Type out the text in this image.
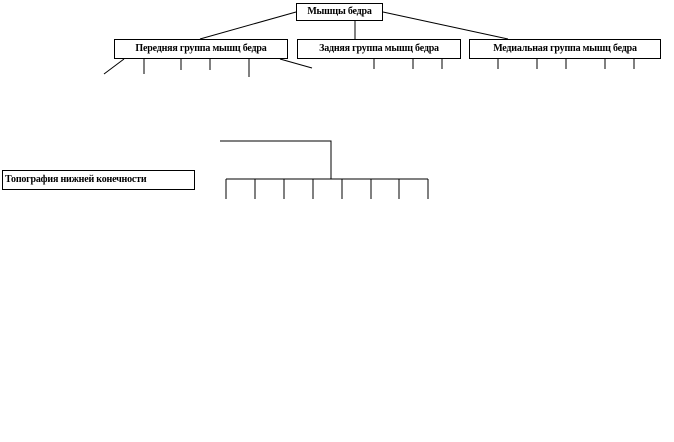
Мышцы бедра
Передняя группа мышц бедра	Задняя группа мышц бедра	Медиальная группа мышц бедра
Топография нижней конечности
